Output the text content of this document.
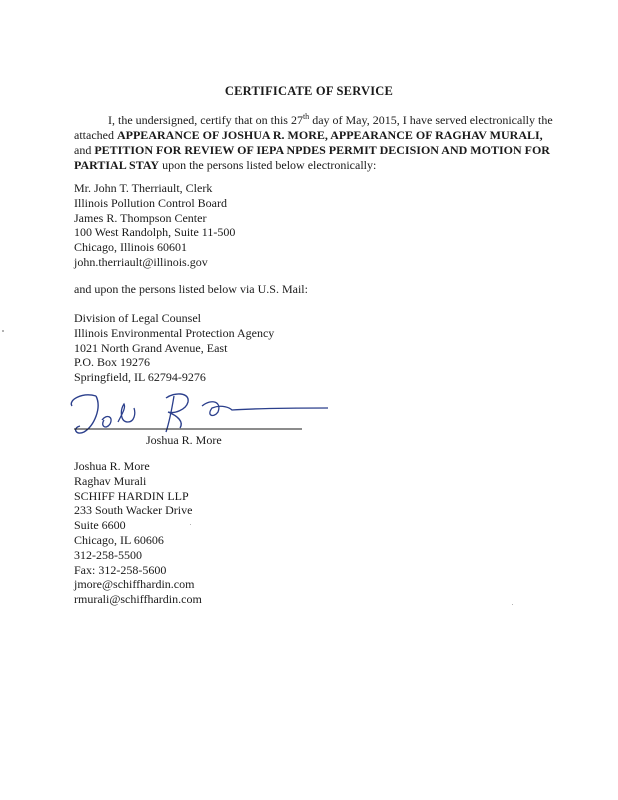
CERTIFICATE OF SERVICE
I, the undersigned, certify that on this 27th day of May, 2015, I have served electronically the attached APPEARANCE OF JOSHUA R. MORE, APPEARANCE OF RAGHAV MURALI, and PETITION FOR REVIEW OF IEPA NPDES PERMIT DECISION AND MOTION FOR PARTIAL STAY upon the persons listed below electronically:
Mr. John T. Therriault, Clerk
Illinois Pollution Control Board
James R. Thompson Center
100 West Randolph, Suite 11-500
Chicago, Illinois 60601
john.therriault@illinois.gov
and upon the persons listed below via U.S. Mail:
Division of Legal Counsel
Illinois Environmental Protection Agency
1021 North Grand Avenue, East
P.O. Box 19276
Springfield, IL 62794-9276
Joshua R. More
Joshua R. More
Raghav Murali
SCHIFF HARDIN LLP
233 South Wacker Drive
Suite 6600
Chicago, IL 60606
312-258-5500
Fax: 312-258-5600
jmore@schiffhardin.com
rmurali@schiffhardin.com
